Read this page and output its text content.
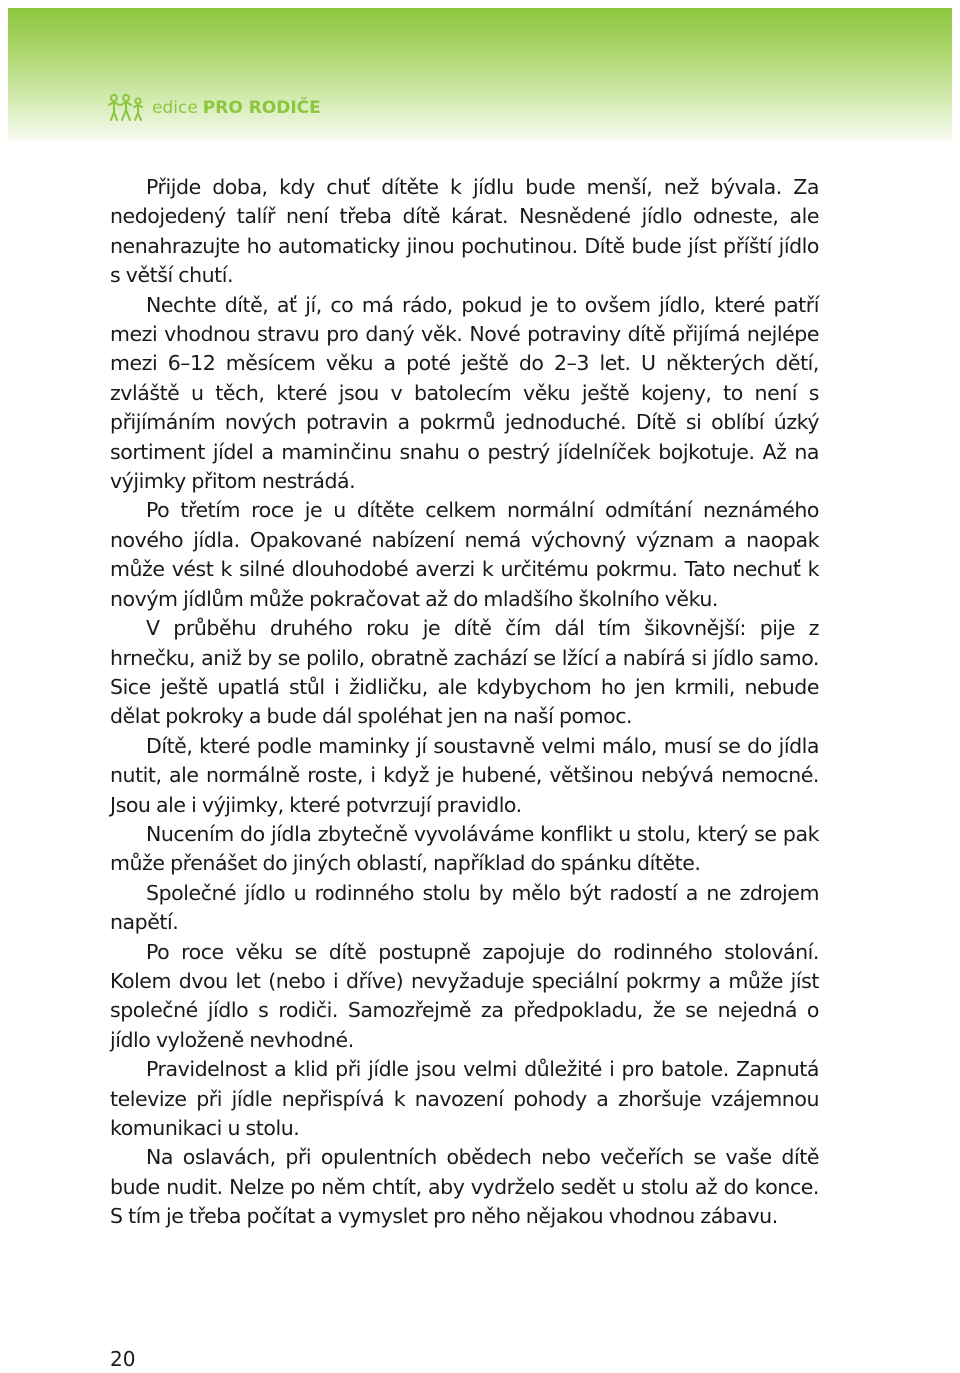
edice PRO RODIČE

Přijde doba, kdy chuť dítěte k jídlu bude menší, než bývala. Za nedojedený talíř není třeba dítě kárat. Nesnědené jídlo odneste, ale nenahrazujte ho automaticky jinou pochutinou. Dítě bude jíst příští jídlo s větší chutí.

Nechte dítě, ať jí, co má rádo, pokud je to ovšem jídlo, které patří mezi vhodnou stravu pro daný věk. Nové potraviny dítě přijímá nejlépe mezi 6–12 měsícem věku a poté ještě do 2–3 let. U některých dětí, zvláště u těch, které jsou v batolecím věku ještě kojeny, to není s přijímáním nových potravin a pokrmů jednoduché. Dítě si oblíbí úzký sortiment jídel a maminčinu snahu o pestrý jídelníček bojkotuje. Až na výjimky přitom nestrádá.

Po třetím roce je u dítěte celkem normální odmítání neznámého nového jídla. Opakované nabízení nemá výchovný význam a naopak může vést k silné dlouhodobé averzi k určitému pokrmu. Tato nechuť k novým jídlům může pokračovat až do mladšího školního věku.

V průběhu druhého roku je dítě čím dál tím šikovnější: pije z hrnečku, aniž by se polilo, obratně zachází se lžící a nabírá si jídlo samo. Sice ještě upatlá stůl i židličku, ale kdybychom ho jen krmili, nebude dělat pokroky a bude dál spoléhat jen na naší pomoc.

Dítě, které podle maminky jí soustavně velmi málo, musí se do jídla nutit, ale normálně roste, i když je hubené, většinou nebývá nemocné. Jsou ale i výjimky, které potvrzují pravidlo.

Nucením do jídla zbytečně vyvoláváme konflikt u stolu, který se pak může přenášet do jiných oblastí, například do spánku dítěte.

Společné jídlo u rodinného stolu by mělo být radostí a ne zdrojem napětí.

Po roce věku se dítě postupně zapojuje do rodinného stolování. Kolem dvou let (nebo i dříve) nevyžaduje speciální pokrmy a může jíst společné jídlo s rodiči. Samozřejmě za předpokladu, že se nejedná o jídlo vyloženě nevhodné.

Pravidelnost a klid při jídle jsou velmi důležité i pro batole. Zapnutá televize při jídle nepřispívá k navození pohody a zhoršuje vzájemnou komunikaci u stolu.

Na oslavách, při opulentních obědech nebo večeřích se vaše dítě bude nudit. Nelze po něm chtít, aby vydrželo sedět u stolu až do konce. S tím je třeba počítat a vymyslet pro něho nějakou vhodnou zábavu.

20
